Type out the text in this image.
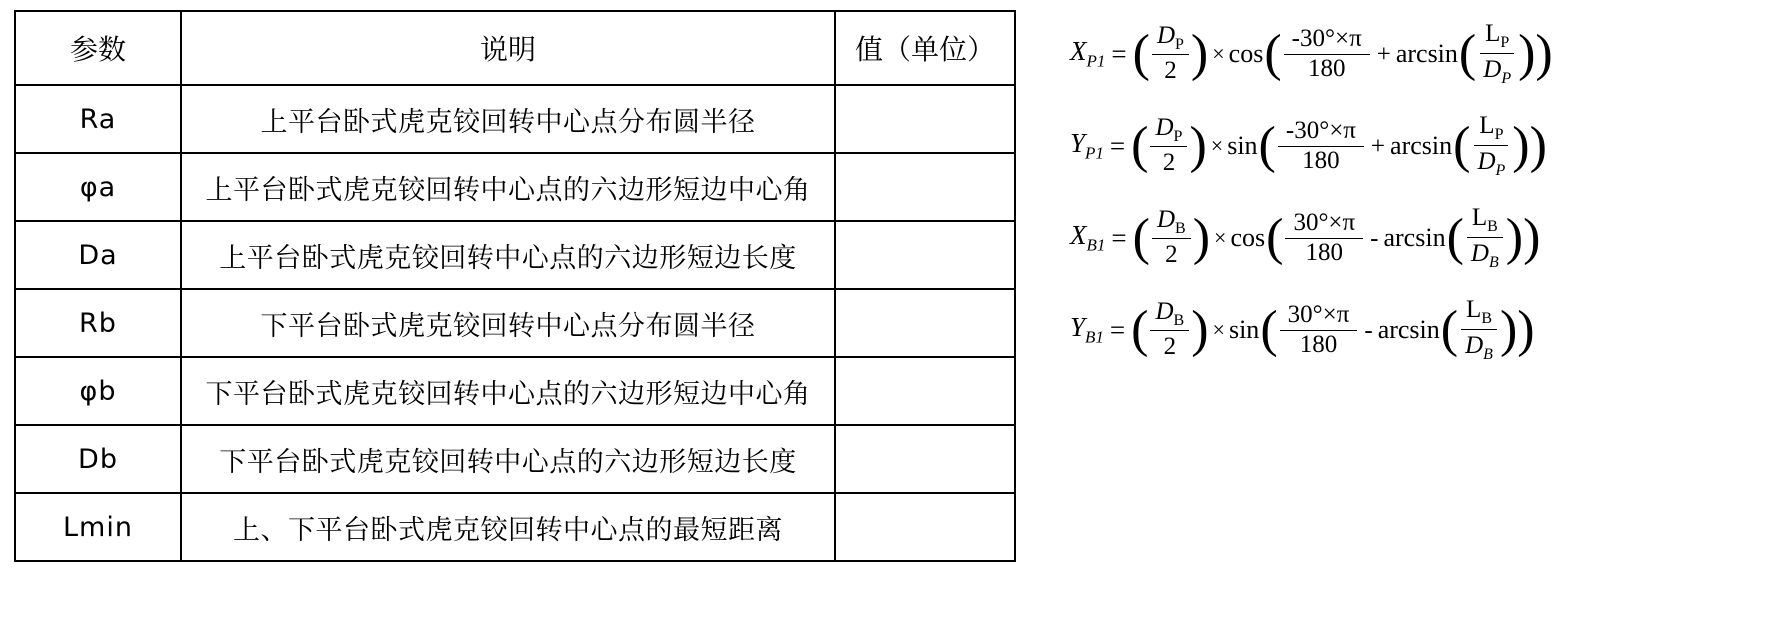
参数	说明	值（单位）
Ra	上平台卧式虎克铰回转中心点分布圆半径	
φa	上平台卧式虎克铰回转中心点的六边形短边中心角	
Da	上平台卧式虎克铰回转中心点的六边形短边长度	
Rb	下平台卧式虎克铰回转中心点分布圆半径	
φb	下平台卧式虎克铰回转中心点的六边形短边中心角	
Db	下平台卧式虎克铰回转中心点的六边形短边长度	
Lmin	上、下平台卧式虎克铰回转中心点的最短距离	
$X_{P1}$ = ( $\frac{D_P}{2}$ ) × cos ( $\frac{-30^\circ\times\pi}{180} + \arcsin$ ( $\frac{L_P}{D_P}$ ) )
$Y_{P1}$ = ( $\frac{D_P}{2}$ ) × sin ( $\frac{-30^\circ\times\pi}{180} + \arcsin$ ( $\frac{L_P}{D_P}$ ) )
$X_{B1}$ = ( $\frac{D_B}{2}$ ) × cos ( $\frac{30^\circ\times\pi}{180}$ - arcsin ( $\frac{L_B}{D_B}$ ) )
$Y_{B1}$ = ( $\frac{D_B}{2}$ ) × sin ( $\frac{30^\circ\times\pi}{180}$ - arcsin ( $\frac{L_B}{D_B}$ ) )
